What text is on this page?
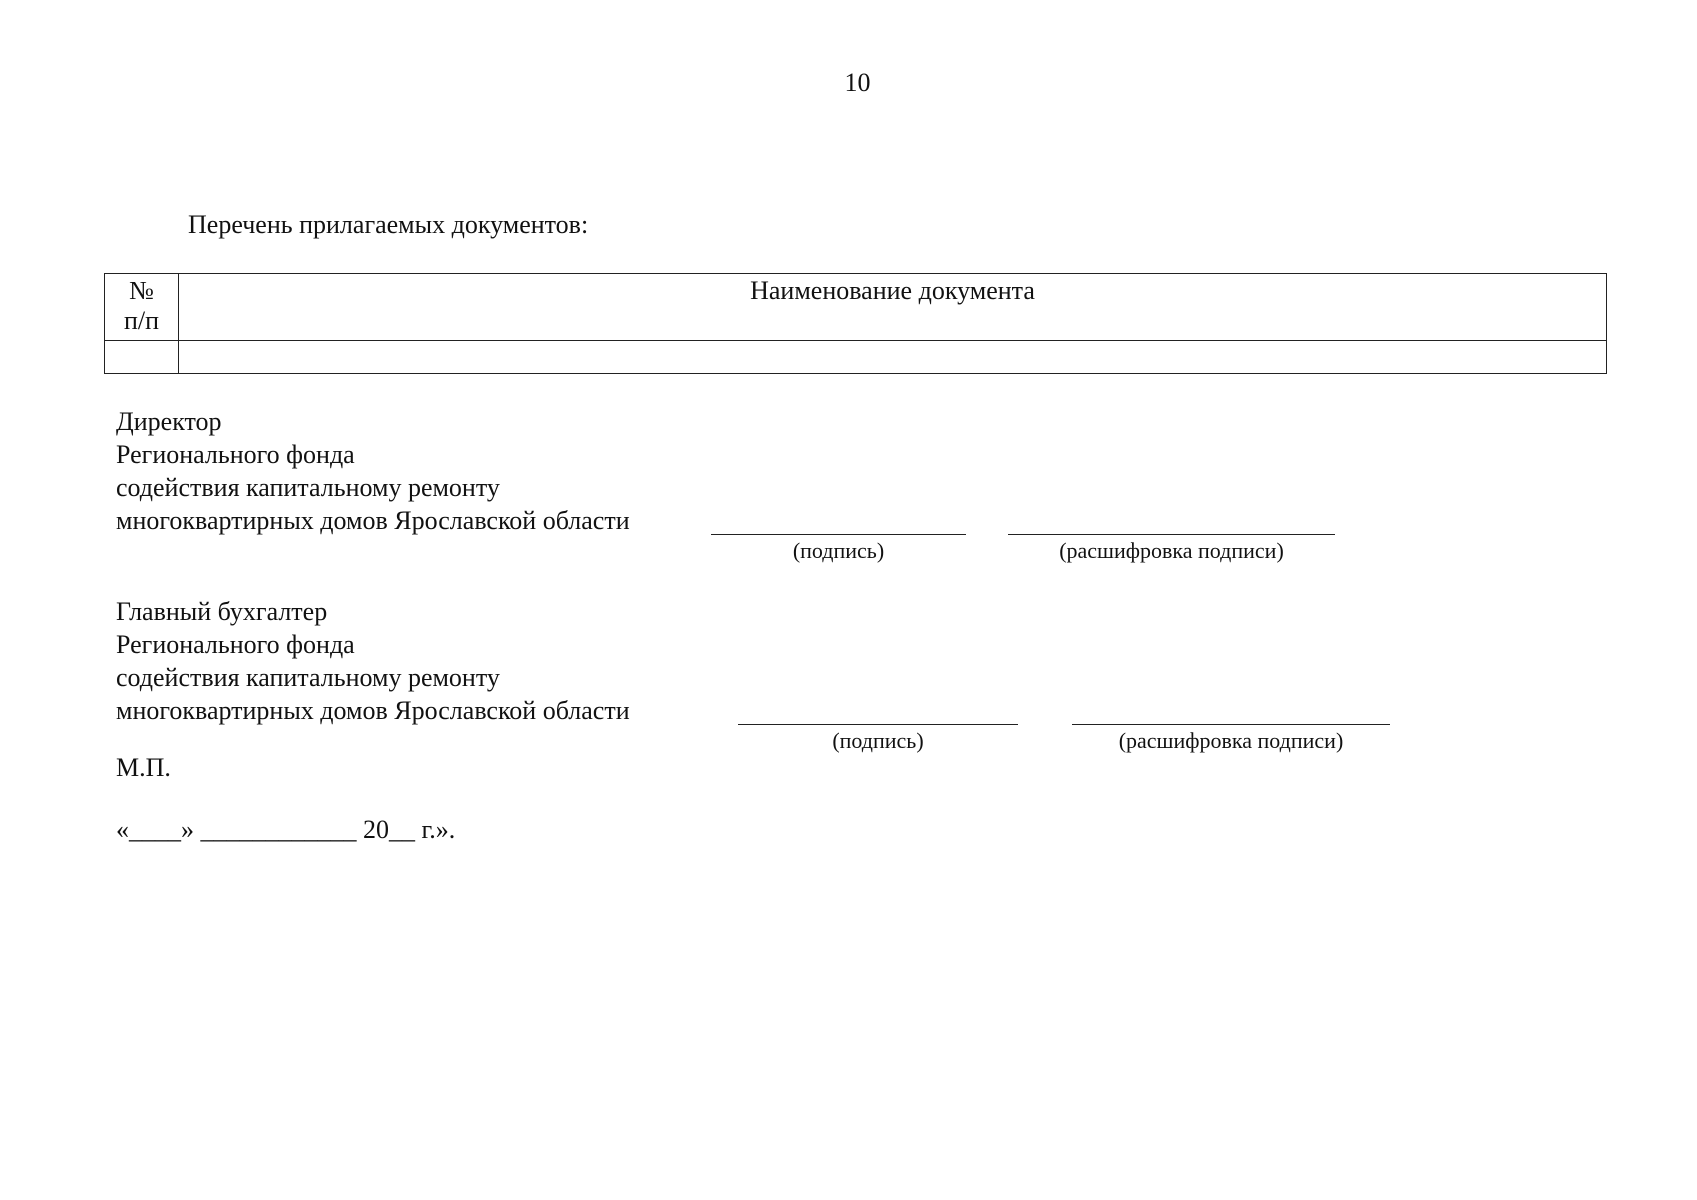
10
Перечень прилагаемых документов:
№
п/п	Наименование документа

Директор
Регионального фонда
содействия капитальному ремонту
многоквартирных домов Ярославской области
(подпись)	(расшифровка подписи)
Главный бухгалтер
Регионального фонда
содействия капитальному ремонту
многоквартирных домов Ярославской области
(подпись)	(расшифровка подписи)
М.П.
«____» ____________ 20__ г.».
